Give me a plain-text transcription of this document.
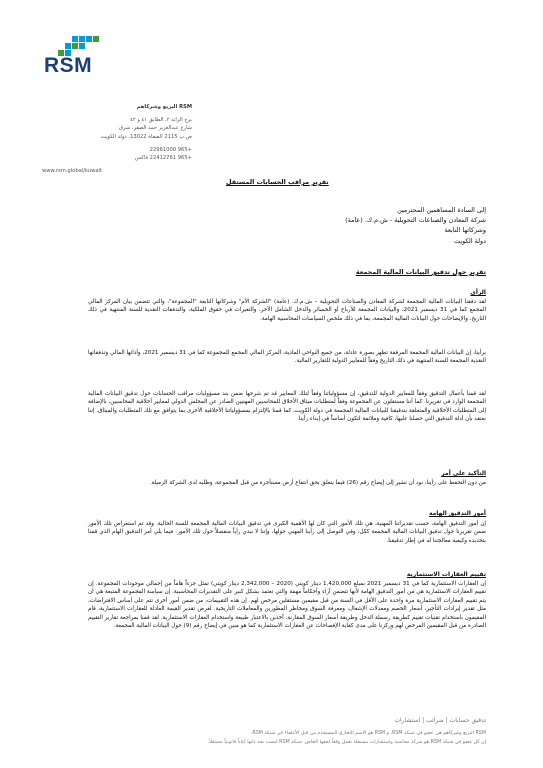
RSM
RSM البزيع وشركاهم
برج الراية ٢، الطابق ٤١ و ٤٢
شارع عبدالعزيز حمد الصقر، شرق
ص.ب 2115 الصفاة 13022، دولة الكويت
+965 22961000
+965 22412761 فاكس
www.rsm.global/kuwait
تقرير مراقب الحسابات المستقل
إلى السادة المساهمين المحترمين
شركة المعادن والصناعات التحويلية - ش.م.ك. (عامة)
وشركاتها التابعة
دولة الكويت
تقرير حول تدقيق البيانات المالية المجمعة
الرأي
لقد دققنا البيانات المالية المجمعة لشركة المعادن والصناعات التحويلية – ش.م.ك. (عامة) "الشركة الأم" وشركاتها التابعة "المجموعة"، والتي تتضمن بيان المركز المالي المجمع كما في 31 ديسمبر 2021، والبيانات المجمعة للأرباح أو الخسائر والدخل الشامل الآخر، والتغيرات في حقوق الملكية، والتدفقات النقدية للسنة المنتهية في ذلك التاريخ، والإيضاحات حول البيانات المالية المجمعة، بما في ذلك ملخص السياسات المحاسبية الهامة.
برأينا، إن البيانات المالية المجمعة المرفقة تظهر بصورة عادلة، من جميع النواحي المادية، المركز المالي المجمع للمجموعة كما في 31 ديسمبر 2021، وأدائها المالي وتدفقاتها النقدية المجمعة للسنة المنتهية في ذلك التاريخ وفقاً للمعايير الدولية للتقارير المالية.
لقد قمنا بأعمال التدقيق وفقاً للمعايير الدولية للتدقيق، إن مسؤولياتنا وفقاً لتلك المعايير قد تم شرحها ضمن بند مسؤوليات مراقب الحسابات حول تدقيق البيانات المالية المجمعة الوارد في تقريرنا. كما أننا مستقلون عن المجموعة وفقاً لمتطلبات ميثاق الأخلاق للمحاسبين المهنيين الصادر عن المجلس الدولي لمعايير أخلاقية المحاسبين، بالإضافة إلى المتطلبات الأخلاقية والمتعلقة بتدقيقنا للبيانات المالية المجمعة في دولة الكويت، كما قمنا بالإلتزام بمسؤولياتنا الأخلاقية الأخرى بما يتوافق مع تلك المتطلبات والميثاق. إننا نعتقد بأن أدلة التدقيق التي حصلنا عليها، كافية وملائمة لتكون أساساً في إبداء رأينا.
التأكيد على أمر
من دون التحفظ على رأينا، نود أن نشير إلى إيضاح رقم (26) فيما يتعلق بحق انتفاع أرض مستأجرة من قبل المجموعة، وطلبه لدى الشركة الزميلة.
أمور التدقيق الهامة
إن أمور التدقيق الهامة، حسب تقديراتنا المهنية، هي تلك الأمور التي كان لها الأهمية الكبرى في تدقيق البيانات المالية المجمعة للسنة الحالية. وقد تم استعراض تلك الأمور ضمن تقريرنا حول تدقيق البيانات المالية المجمعة ككل، وفي التوصل إلى رأينا المهني حولها، وإننا لا نبدي رأياً منفصلاً حول تلك الأمور. فيما يلي أمر التدقيق الهام الذي قمنا بتحديده وكيفية معالجتنا له في إطار تدقيقنا.
تقييم العقارات الاستثمارية
إن العقارات الاستثمارية كما في 31 ديسمبر 2021 بمبلغ 1,420,000 دينار كويتي (2020 – 2,342,000 دينار كويتي) تمثل جزءاً هاماً من إجمالي موجودات المجموعة. إن تقييم العقارات الاستثمارية هي من أمور التدقيق الهامة لأنها تتضمن آراء وأحكاماً مهمة والتي تعتمد بشكل كبير على التقديرات المحاسبية. إن سياسة المجموعة المتبعة هي أن يتم تقييم العقارات الاستثمارية مرة واحدة على الأقل في السنة من قبل مقيمين مستقلين مرخص لهم. إن هذه التقييمات، من ضمن أمور أخرى تتم على أساس الافتراضات، مثل تقدير إيرادات التأجير، أسعار الخصم ومعدلات الإشغال، ومعرفة السوق ومخاطر المطورين والمعاملات التاريخية. لغرض تقدير القيمة العادلة للعقارات الاستثمارية، قام المقيمون باستخدام تقنيات تقييم كطريقة رسملة الدخل وطريقة أسعار السوق المقارنة، آخذين بالاعتبار طبيعة واستخدام العقارات الاستثمارية. لقد قمنا بمراجعة تقارير التقييم الصادرة من قبل المقيمين المرخص لهم وركزنا على مدى كفاية الإفصاحات عن العقارات الاستثمارية كما هو مبين في إيضاح رقم (9) حول البيانات المالية المجمعة.
تدقيق حسابات | ضرائب | استشارات
RSM البزيع وشركاهم هي عضو في شبكة RSM، و RSM هو الاسم التجاري المستخدم من قبل الأعضاء في شبكة RSM.
إن كل عضو في شبكة RSM هو شركة محاسبة واستشارات مستقلة تعمل وفقاً لحقها الخاص. شبكة RSM ليست بحد ذاتها كياناً قانونياً مستقلاً.
